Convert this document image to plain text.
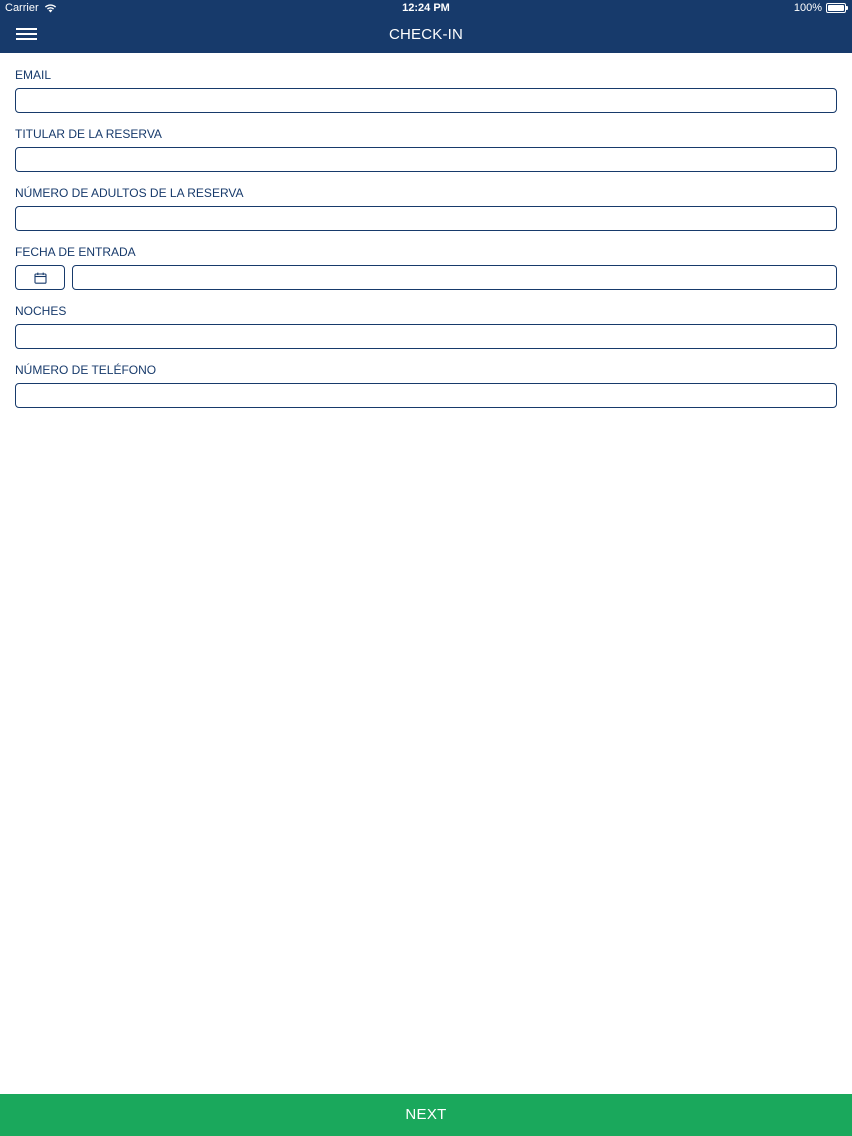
Carrier	12:24 PM	100%
CHECK-IN
EMAIL
TITULAR DE LA RESERVA
NÚMERO DE ADULTOS DE LA RESERVA
FECHA DE ENTRADA
NOCHES
NÚMERO DE TELÉFONO
NEXT
